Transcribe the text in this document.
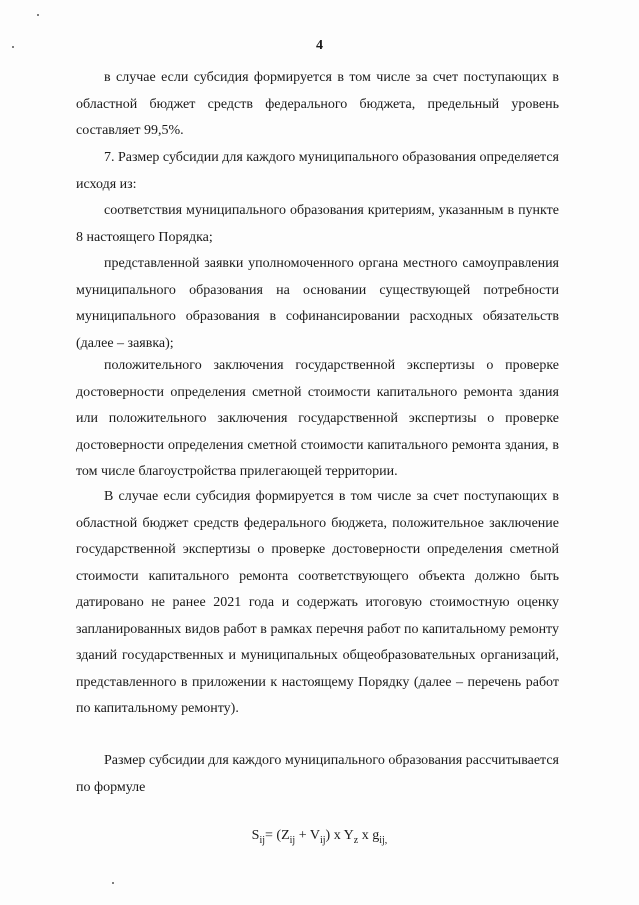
4

в случае если субсидия формируется в том числе за счет поступающих в областной бюджет средств федерального бюджета, предельный уровень составляет 99,5%.

7. Размер субсидии для каждого муниципального образования определяется исходя из:

соответствия муниципального образования критериям, указанным в пункте 8 настоящего Порядка;

представленной заявки уполномоченного органа местного самоуправления муниципального образования на основании существующей потребности муниципального образования в софинансировании расходных обязательств (далее – заявка);

положительного заключения государственной экспертизы о проверке достоверности определения сметной стоимости капитального ремонта здания или положительного заключения государственной экспертизы о проверке достоверности определения сметной стоимости капитального ремонта здания, в том числе благоустройства прилегающей территории.

В случае если субсидия формируется в том числе за счет поступающих в областной бюджет средств федерального бюджета, положительное заключение государственной экспертизы о проверке достоверности определения сметной стоимости капитального ремонта соответствующего объекта должно быть датировано не ранее 2021 года и содержать итоговую стоимостную оценку запланированных видов работ в рамках перечня работ по капитальному ремонту зданий государственных и муниципальных общеобразовательных организаций, представленного в приложении к настоящему Порядку (далее – перечень работ по капитальному ремонту).

Размер субсидии для каждого муниципального образования рассчитывается по формуле

$S_{ij}= (Z_{ij} + V_{ij})$ x $Y_z$ x $g_{ij,}$
